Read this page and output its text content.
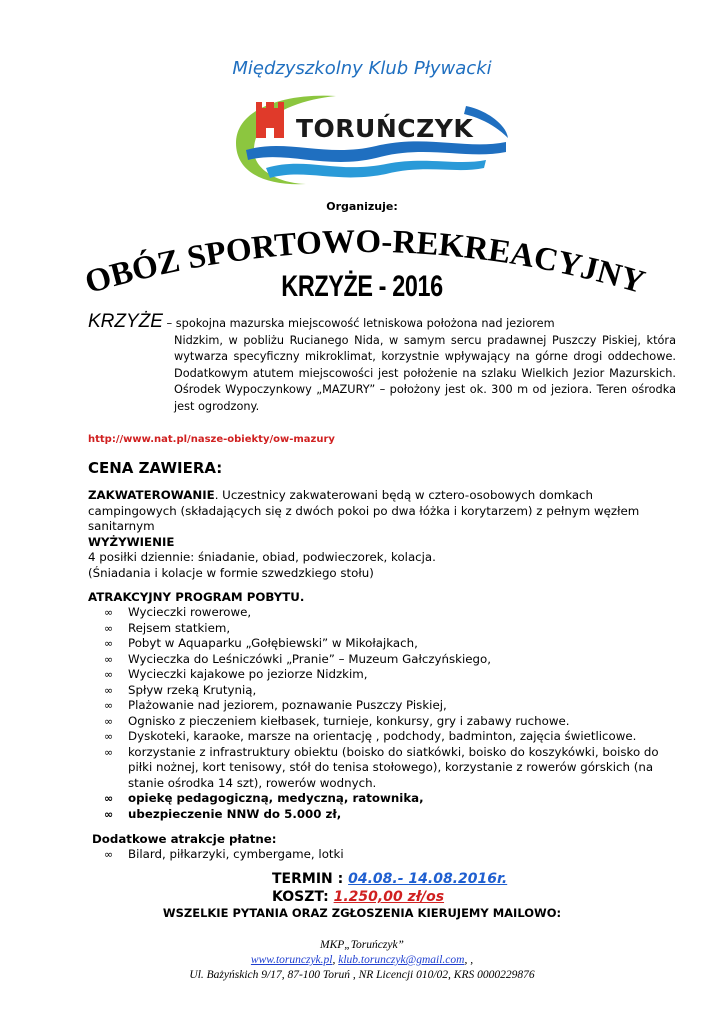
Międzyszkolny Klub Pływacki
TORUŃCZYK
Organizuje:
OBÓZ SPORTOWO-REKREACYJNY
KRZYŻE - 2016
KRZYŻE – spokojna mazurska miejscowość letniskowa położona nad jeziorem
Nidzkim, w pobliżu Rucianego Nida, w samym sercu pradawnej Puszczy Piskiej, która wytwarza specyficzny mikroklimat, korzystnie wpływający na górne drogi oddechowe. Dodatkowym atutem miejscowości jest położenie na szlaku Wielkich Jezior Mazurskich. Ośrodek Wypoczynkowy „MAZURY” – położony jest ok. 300 m od jeziora. Teren ośrodka jest ogrodzony.
http://www.nat.pl/nasze-obiekty/ow-mazury
CENA ZAWIERA:
ZAKWATEROWANIE. Uczestnicy zakwaterowani będą w cztero-osobowych domkach campingowych (składających się z dwóch pokoi po dwa łóżka i korytarzem) z pełnym węzłem sanitarnym
WYŻYWIENIE
4 posiłki dziennie: śniadanie, obiad, podwieczorek, kolacja.
(Śniadania i kolacje w formie szwedzkiego stołu)
ATRAKCYJNY PROGRAM POBYTU.
∞ Wycieczki rowerowe,
∞ Rejsem statkiem,
∞ Pobyt w Aquaparku „Gołębiewski” w Mikołajkach,
∞ Wycieczka do Leśniczówki „Pranie” – Muzeum Gałczyńskiego,
∞ Wycieczki kajakowe po jeziorze Nidzkim,
∞ Spływ rzeką Krutynią,
∞ Plażowanie nad jeziorem, poznawanie Puszczy Piskiej,
∞ Ognisko z pieczeniem kiełbasek, turnieje, konkursy, gry i zabawy ruchowe.
∞ Dyskoteki, karaoke, marsze na orientację , podchody, badminton, zajęcia świetlicowe.
∞ korzystanie z infrastruktury obiektu (boisko do siatkówki, boisko do koszykówki, boisko do piłki nożnej, kort tenisowy, stół do tenisa stołowego), korzystanie z rowerów górskich (na stanie ośrodka 14 szt), rowerów wodnych.
∞ opiekę pedagogiczną, medyczną, ratownika,
∞ ubezpieczenie NNW do 5.000 zł,
Dodatkowe atrakcje płatne:
∞ Bilard, piłkarzyki, cymbergame, lotki
TERMIN : 04.08.- 14.08.2016r.
KOSZT: 1.250,00 zł/os
WSZELKIE PYTANIA ORAZ ZGŁOSZENIA KIERUJEMY MAILOWO:
MKP„Toruńczyk”
www.torunczyk.pl, klub.torunczyk@gmail.com, ,
Ul. Bażyńskich 9/17, 87-100 Toruń , NR Licencji 010/02, KRS 0000229876
